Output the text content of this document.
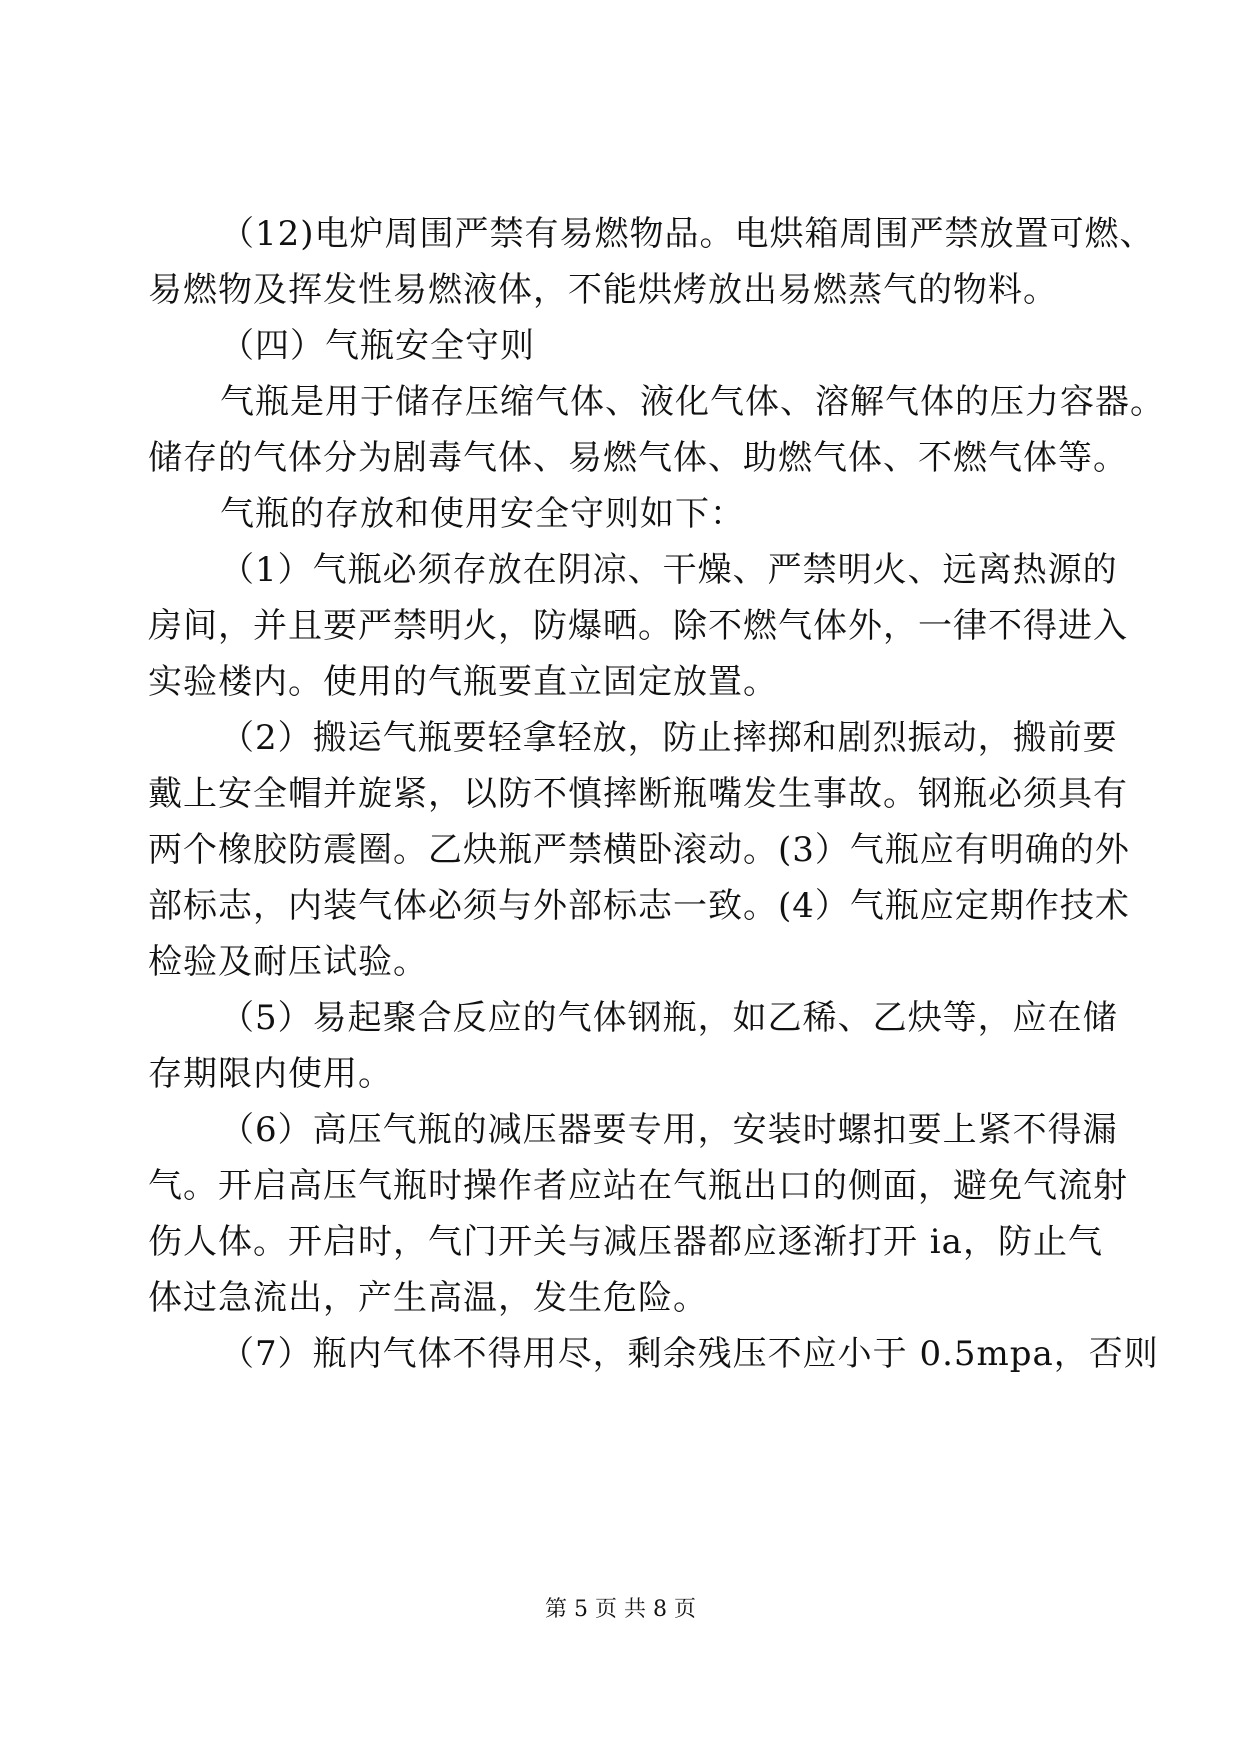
（12)电炉周围严禁有易燃物品。电烘箱周围严禁放置可燃、
易燃物及挥发性易燃液体，不能烘烤放出易燃蒸气的物料。
（四）气瓶安全守则
气瓶是用于储存压缩气体、液化气体、溶解气体的压力容器。
储存的气体分为剧毒气体、易燃气体、助燃气体、不燃气体等。
气瓶的存放和使用安全守则如下：
（1）气瓶必须存放在阴凉、干燥、严禁明火、远离热源的
房间，并且要严禁明火，防爆晒。除不燃气体外，一律不得进入
实验楼内。使用的气瓶要直立固定放置。
（2）搬运气瓶要轻拿轻放，防止摔掷和剧烈振动，搬前要
戴上安全帽并旋紧，以防不慎摔断瓶嘴发生事故。钢瓶必须具有
两个橡胶防震圈。乙炔瓶严禁横卧滚动。(3）气瓶应有明确的外
部标志，内装气体必须与外部标志一致。(4）气瓶应定期作技术
检验及耐压试验。
（5）易起聚合反应的气体钢瓶，如乙稀、乙炔等，应在储
存期限内使用。
（6）高压气瓶的减压器要专用，安装时螺扣要上紧不得漏
气。开启高压气瓶时操作者应站在气瓶出口的侧面，避免气流射
伤人体。开启时，气门开关与减压器都应逐渐打开 ia，防止气
体过急流出，产生高温，发生危险。
（7）瓶内气体不得用尽，剩余残压不应小于 0.5mpa，否则
第 5 页 共 8 页
